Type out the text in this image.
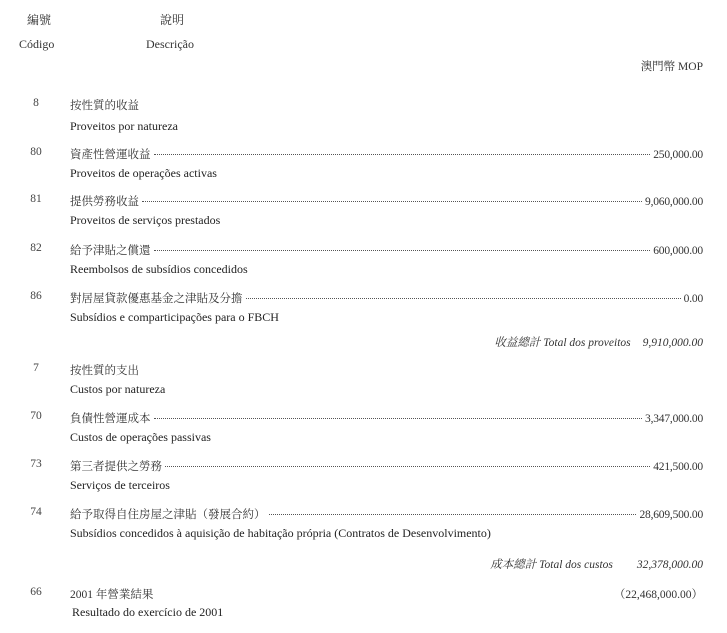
編號	說明
Código	Descrição
澳門幣 MOP
8	按性質的收益
Proveitos por natureza
80	資產性營運收益	250,000.00
Proveitos de operações activas
81	提供勞務收益	9,060,000.00
Proveitos de serviços prestados
82	給予津貼之償還	600,000.00
Reembolsos de subsídios concedidos
86	對居屋貸款優惠基金之津貼及分擔	0.00
Subsídios e comparticipações para o FBCH
收益總計 Total dos proveitos 9,910,000.00
7	按性質的支出
Custos por natureza
70	負債性營運成本	3,347,000.00
Custos de operações passivas
73	第三者提供之勞務	421,500.00
Serviços de terceiros
74	給予取得自住房屋之津貼（發展合約）	28,609,500.00
Subsídios concedidos à aquisição de habitação própria (Contratos de Desenvolvimento)
成本總計 Total dos custos 32,378,000.00
66	2001 年營業結果	（22,468,000.00）
Resultado do exercício de 2001
